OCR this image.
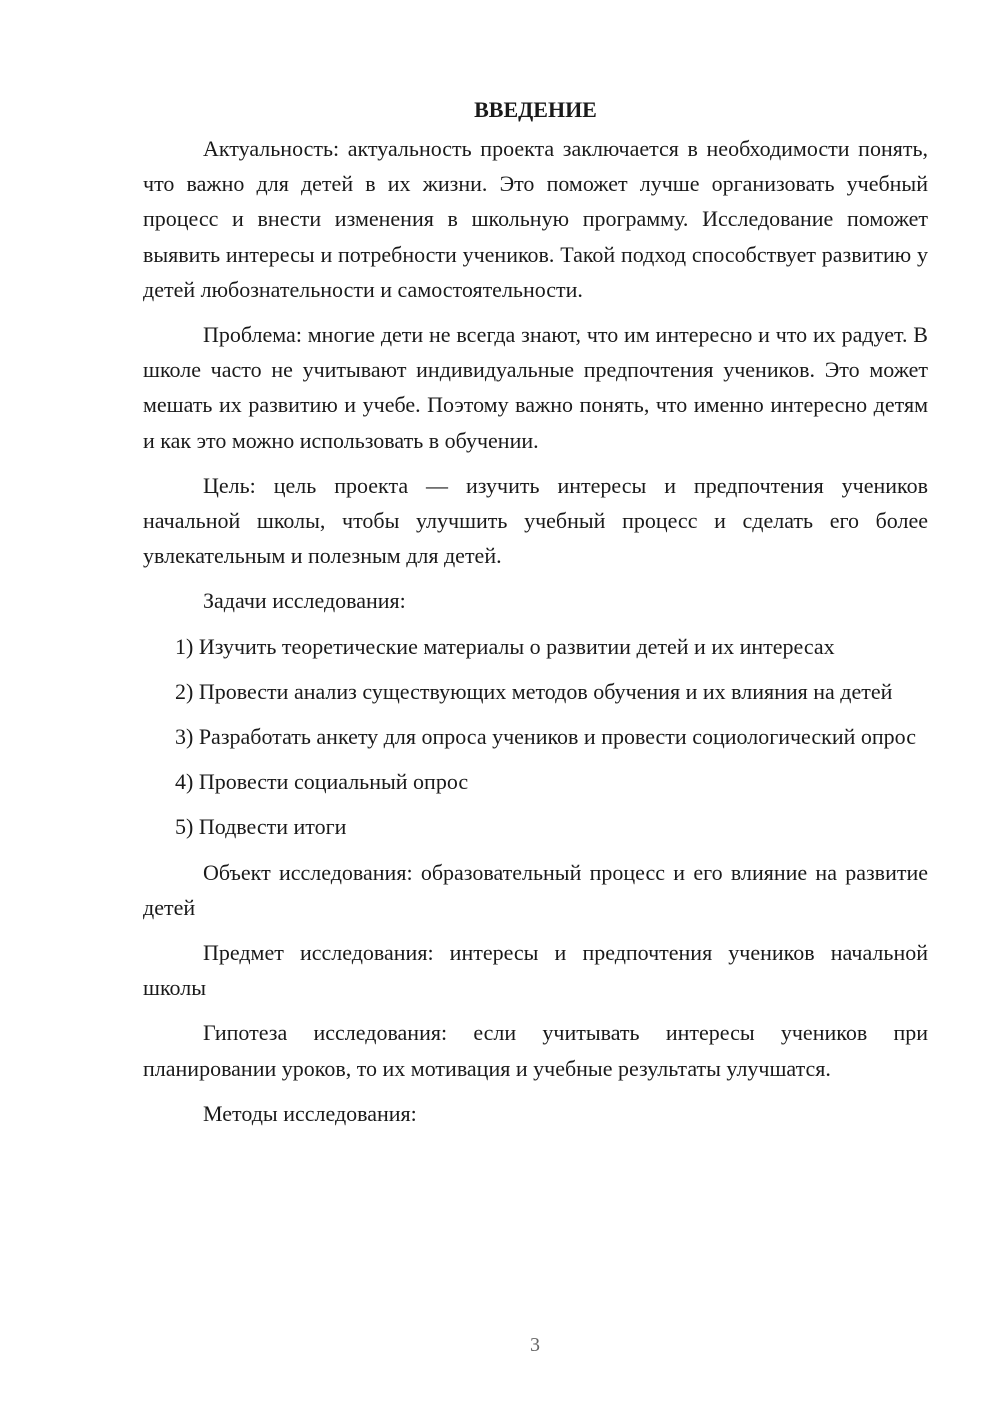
ВВЕДЕНИЕ

Актуальность: актуальность проекта заключается в необходимости понять, что важно для детей в их жизни. Это поможет лучше организовать учебный процесс и внести изменения в школьную программу. Исследование поможет выявить интересы и потребности учеников. Такой подход способствует развитию у детей любознательности и самостоятельности.

Проблема: многие дети не всегда знают, что им интересно и что их радует. В школе часто не учитывают индивидуальные предпочтения учеников. Это может мешать их развитию и учебе. Поэтому важно понять, что именно интересно детям и как это можно использовать в обучении.

Цель: цель проекта — изучить интересы и предпочтения учеников начальной школы, чтобы улучшить учебный процесс и сделать его более увлекательным и полезным для детей.

Задачи исследования:

1) Изучить теоретические материалы о развитии детей и их интересах

2) Провести анализ существующих методов обучения и их влияния на детей

3) Разработать анкету для опроса учеников и провести социологический опрос

4) Провести социальный опрос

5) Подвести итоги

Объект исследования: образовательный процесс и его влияние на развитие детей

Предмет исследования: интересы и предпочтения учеников начальной школы

Гипотеза исследования: если учитывать интересы учеников при планировании уроков, то их мотивация и учебные результаты улучшатся.

Методы исследования:

3
